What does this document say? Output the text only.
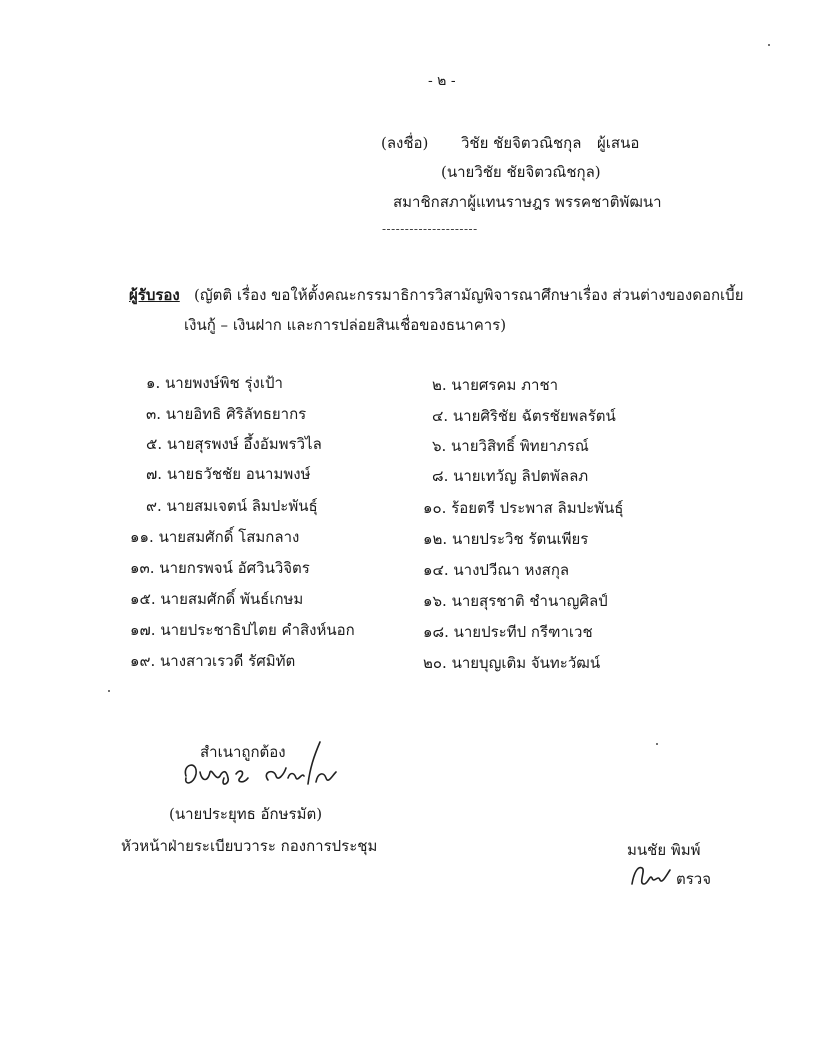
- ๒ -
(ลงชื่อ) วิชัย ชัยจิตวณิชกุล ผู้เสนอ
(นายวิชัย ชัยจิตวณิชกุล)
สมาชิกสภาผู้แทนราษฎร พรรคชาติพัฒนา
---------------------
ผู้รับรอง (ญัตติ เรื่อง ขอให้ตั้งคณะกรรมาธิการวิสามัญพิจารณาศึกษาเรื่อง ส่วนต่างของดอกเบี้ย
เงินกู้ – เงินฝาก และการปล่อยสินเชื่อของธนาคาร)
๑. นายพงษ์พิช รุ่งเป้า
๓. นายอิทธิ ศิริลัทธยากร
๕. นายสุรพงษ์ อึ้งอัมพรวิไล
๗. นายธวัชชัย อนามพงษ์
๙. นายสมเจตน์ ลิมปะพันธุ์
๑๑. นายสมศักดิ์ โสมกลาง
๑๓. นายกรพจน์ อัศวินวิจิตร
๑๕. นายสมศักดิ์ พันธ์เกษม
๑๗. นายประชาธิปไตย คำสิงห์นอก
๑๙. นางสาวเรวดี รัศมิทัต
๒. นายศรคม ภาชา
๔. นายศิริชัย ฉัตรชัยพลรัตน์
๖. นายวิสิทธิ์ พิทยาภรณ์
๘. นายเทวัญ ลิปตพัลลภ
๑๐. ร้อยตรี ประพาส ลิมปะพันธุ์
๑๒. นายประวิช รัตนเพียร
๑๔. นางปวีณา หงสกุล
๑๖. นายสุรชาติ ชำนาญศิลป์
๑๘. นายประทีป กรีฑาเวช
๒๐. นายบุญเติม จันทะวัฒน์
สำเนาถูกต้อง
(นายประยุทธ อักษรมัต)
หัวหน้าฝ่ายระเบียบวาระ กองการประชุม	มนชัย พิมพ์
ตรวจ
